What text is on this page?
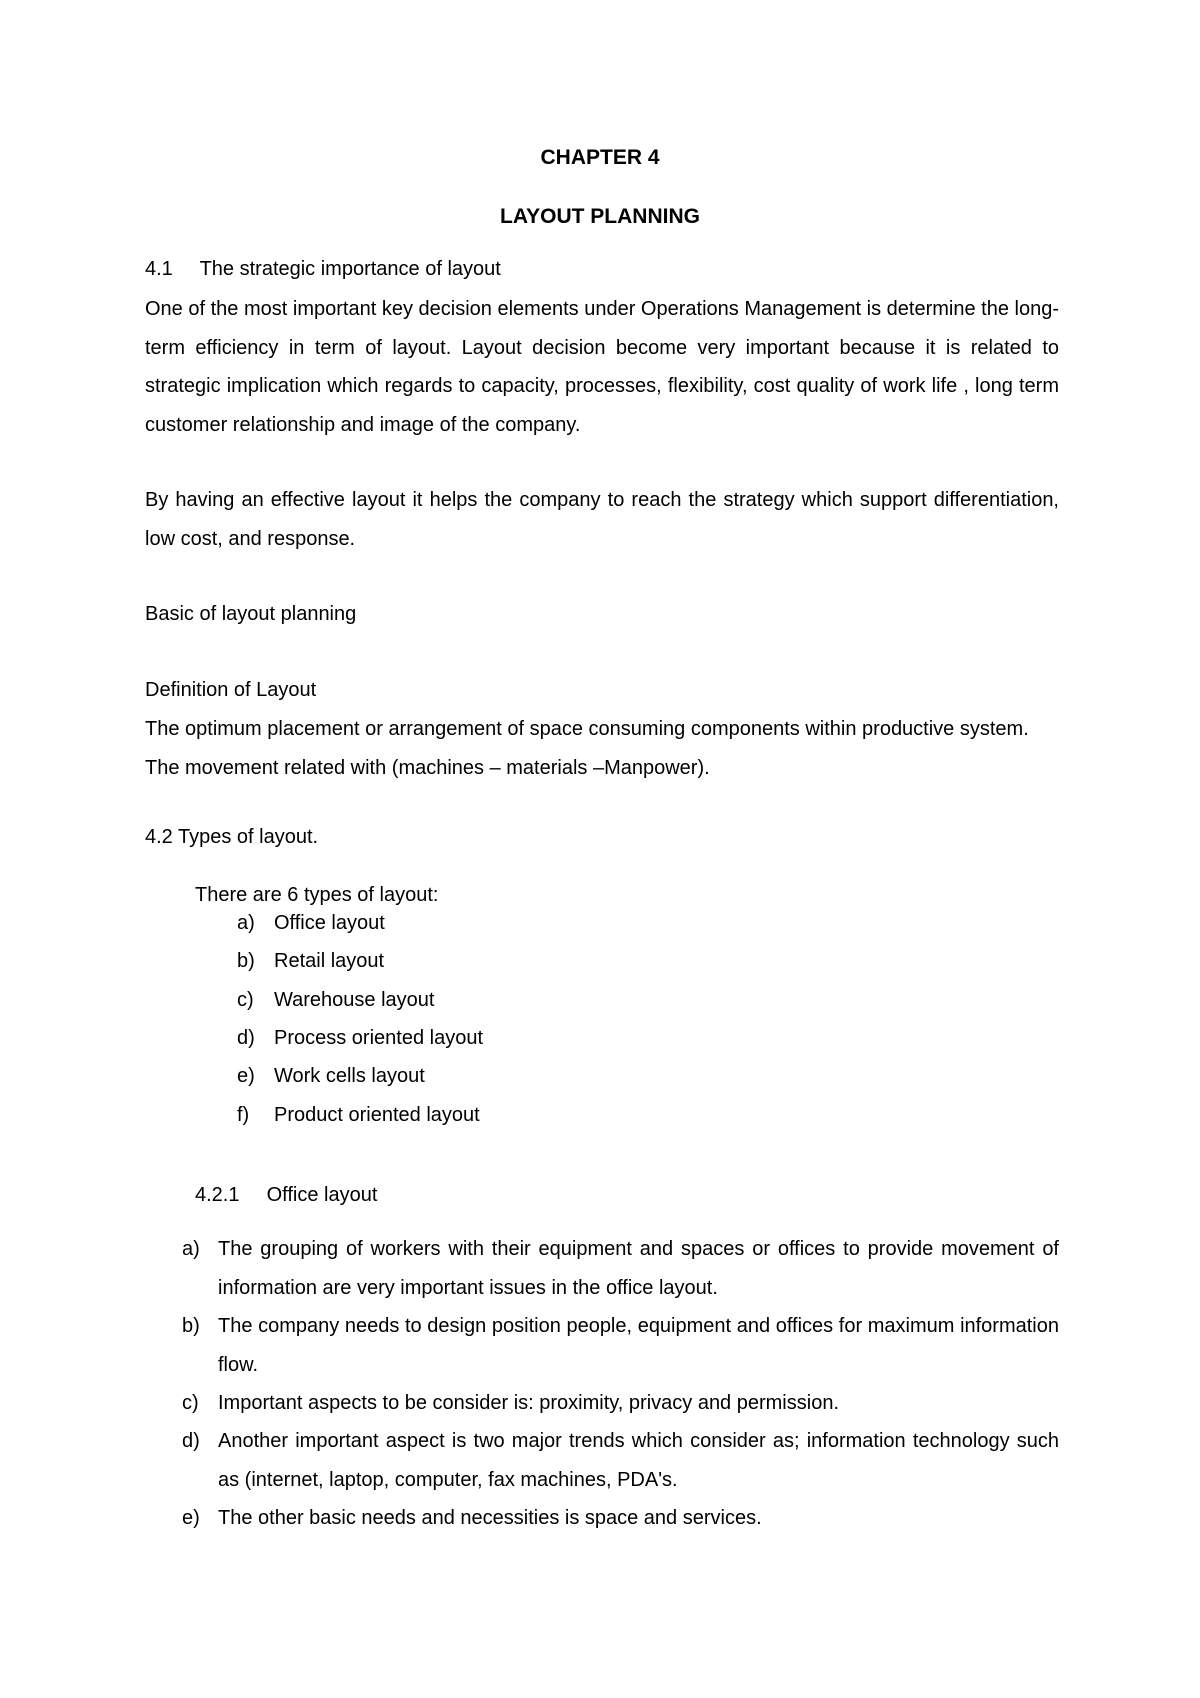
CHAPTER 4
LAYOUT PLANNING
4.1 The strategic importance of layout

One of the most important key decision elements under Operations Management is determine the long-term efficiency in term of layout. Layout decision become very important because it is related to strategic implication which regards to capacity, processes, flexibility, cost quality of work life , long term customer relationship and image of the company.

By having an effective layout it helps the company to reach the strategy which support differentiation, low cost, and response.

Basic of layout planning
Definition of Layout

The optimum placement or arrangement of space consuming components within productive system. The movement related with (machines – materials –Manpower).

4.2 Types of layout.
There are 6 types of layout:
a) Office layout
b) Retail layout
c) Warehouse layout
d) Process oriented layout
e) Work cells layout
f) Product oriented layout
4.2.1 Office layout
a) The grouping of workers with their equipment and spaces or offices to provide movement of information are very important issues in the office layout.
b) The company needs to design position people, equipment and offices for maximum information flow.
c) Important aspects to be consider is: proximity, privacy and permission.
d) Another important aspect is two major trends which consider as; information technology such as (internet, laptop, computer, fax machines, PDA's.
e) The other basic needs and necessities is space and services.
